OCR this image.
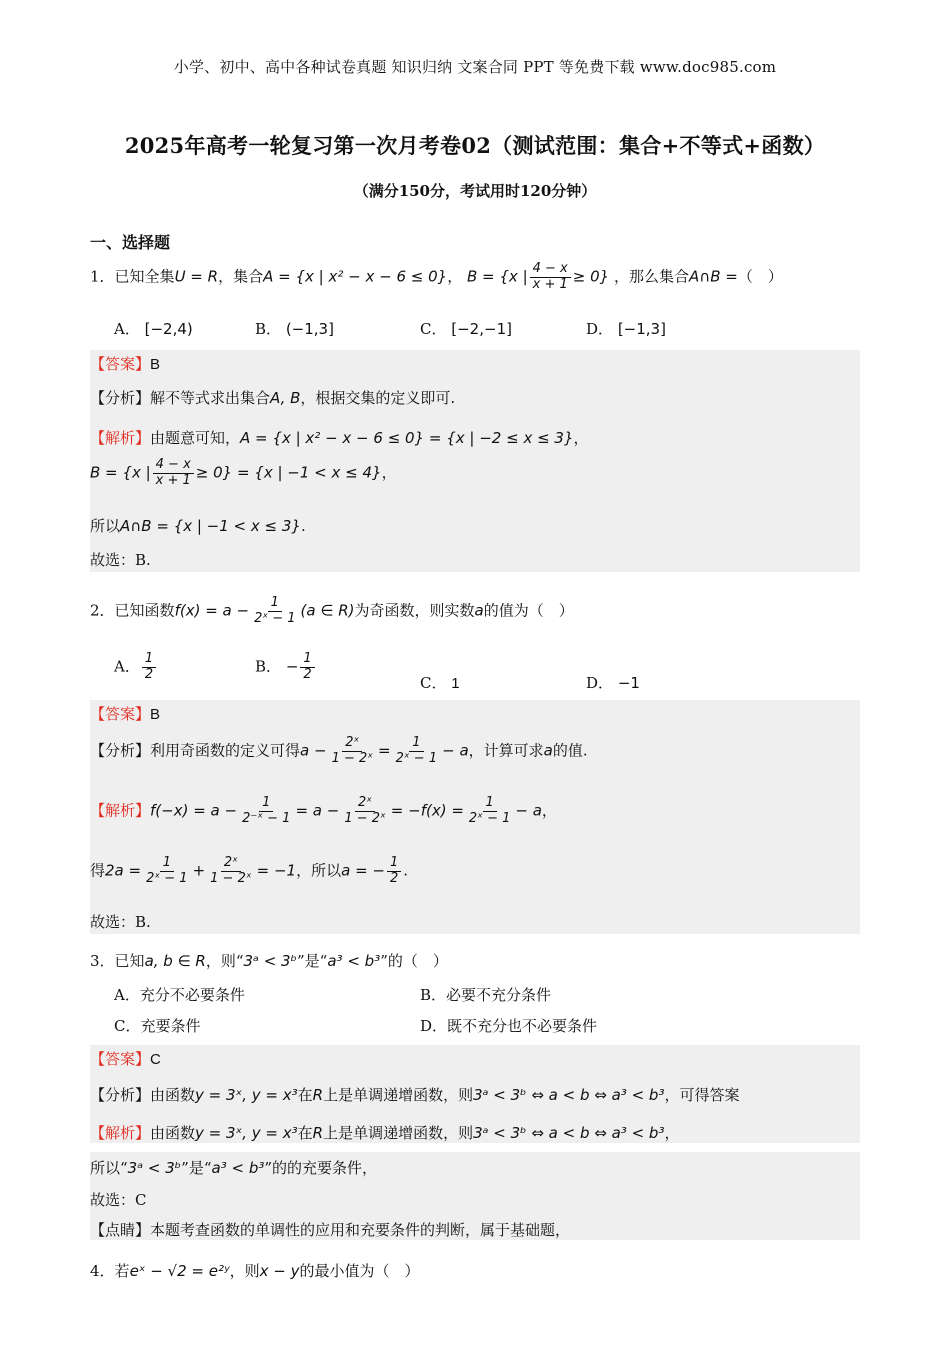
小学、初中、高中各种试卷真题 知识归纳 文案合同 PPT 等免费下载 www.doc985.com
2025年高考一轮复习第一次月考卷02（测试范围：集合+不等式+函数）
（满分150分，考试用时120分钟）
一、选择题
1．已知全集U = R，集合A = {x | x² − x − 6 ≤ 0}， B = {x | $\frac{4 - x}{x + 1} \ge 0$} ，那么集合A∩B =（　）
A． [−2,4)	B． (−1,3]	C． [−2,−1]	D． [−1,3]
【答案】B
【分析】解不等式求出集合A, B，根据交集的定义即可.
【解析】由题意可知，A = {x | x² − x − 6 ≤ 0} = {x | −2 ≤ x ≤ 3}，
B = {x | $\frac{4 - x}{x + 1} \ge 0\} = \{x$ | −1 < x ≤ 4}，
所以A∩B = {x | −1 < x ≤ 3}.
故选：B.
2．已知函数$f(x) = a - \frac{1}{\text{2ˣ − 1}} (a$ ∈ R)为奇函数，则实数a的值为（　）
A． $\frac{1}{2}$	B． − $\frac{1}{2}$
C． 1	D． −1
【答案】B
【分析】利用奇函数的定义可得$a - \frac{\text{2ˣ}}{\text{1 − 2ˣ}} = \frac{1}{\text{2ˣ − 1}} - a$，计算可求a的值.
【解析】$f(-x) = a - \frac{1}{\text{2⁻ˣ − 1}} = a - \frac{\text{2ˣ}}{\text{1 − 2ˣ}} = -f(x) = \frac{1}{\text{2ˣ − 1}} - a$，
得$2a = \frac{1}{\text{2ˣ − 1}} + \frac{\text{2ˣ}}{\text{1 − 2ˣ}} = -1$，所以a = − $\frac{1}{2}$ .
故选：B.
3．已知a, b ∈ R，则“3ᵃ < 3ᵇ”是“a³ < b³”的（　）
A．充分不必要条件	B．必要不充分条件
C．充要条件	D．既不充分也不必要条件
【答案】C
【分析】由函数y = 3ˣ, y = x³在R上是单调递增函数，则3ᵃ < 3ᵇ ⇔ a < b ⇔ a³ < b³，可得答案
【解析】由函数y = 3ˣ, y = x³在R上是单调递增函数，则3ᵃ < 3ᵇ ⇔ a < b ⇔ a³ < b³，
所以“3ᵃ < 3ᵇ”是“a³ < b³”的的充要条件，
故选：C
【点睛】本题考查函数的单调性的应用和充要条件的判断，属于基础题，
4．若eˣ − √2 = e²ʸ，则x − y的最小值为（　）
